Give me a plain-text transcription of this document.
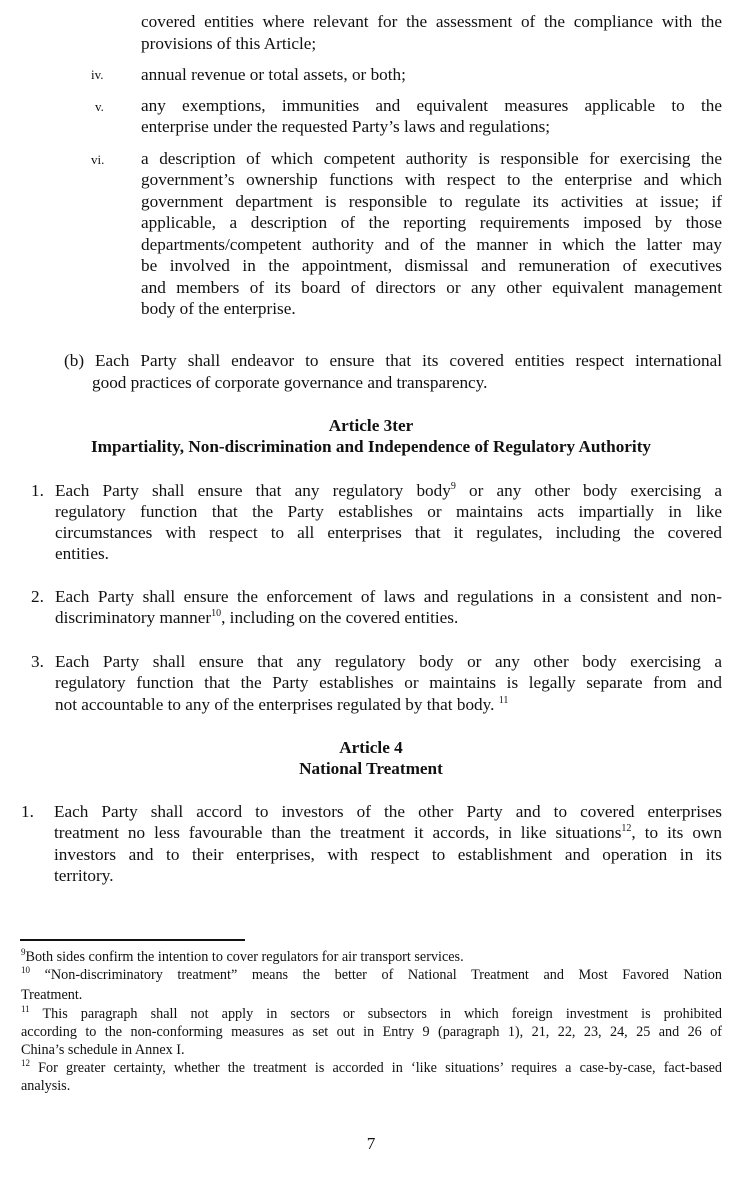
covered entities where relevant for the assessment of the compliance with the
provisions of this Article;
iv. annual revenue or total assets, or both;
v. any exemptions, immunities and equivalent measures applicable to the
enterprise under the requested Party’s laws and regulations;
vi. a description of which competent authority is responsible for exercising the
government’s ownership functions with respect to the enterprise and which
government department is responsible to regulate its activities at issue; if
applicable, a description of the reporting requirements imposed by those
departments/competent authority and of the manner in which the latter may
be involved in the appointment, dismissal and remuneration of executives
and members of its board of directors or any other equivalent management
body of the enterprise.
(b) Each Party shall endeavor to ensure that its covered entities respect international
good practices of corporate governance and transparency.
Article 3ter
Impartiality, Non-discrimination and Independence of Regulatory Authority
1. Each Party shall ensure that any regulatory body$^9$ or any other body exercising a
regulatory function that the Party establishes or maintains acts impartially in like
circumstances with respect to all enterprises that it regulates, including the covered
entities.
2. Each Party shall ensure the enforcement of laws and regulations in a consistent and non-
discriminatory manner$^{10}$, including on the covered entities.
3. Each Party shall ensure that any regulatory body or any other body exercising a
regulatory function that the Party establishes or maintains is legally separate from and
not accountable to any of the enterprises regulated by that body. $^{11}$
Article 4
National Treatment
1. Each Party shall accord to investors of the other Party and to covered enterprises
treatment no less favourable than the treatment it accords, in like situations$^{12}$, to its own
investors and to their enterprises, with respect to establishment and operation in its
territory.
$^9$Both sides confirm the intention to cover regulators for air transport services.
$^{10}$ “Non-discriminatory treatment” means the better of National Treatment and Most Favored Nation
Treatment.
$^{11}$ This paragraph shall not apply in sectors or subsectors in which foreign investment is prohibited
according to the non-conforming measures as set out in Entry 9 (paragraph 1), 21, 22, 23, 24, 25 and 26 of
China’s schedule in Annex I.
$^{12}$ For greater certainty, whether the treatment is accorded in ‘like situations’ requires a case-by-case, fact-based
analysis.
7
